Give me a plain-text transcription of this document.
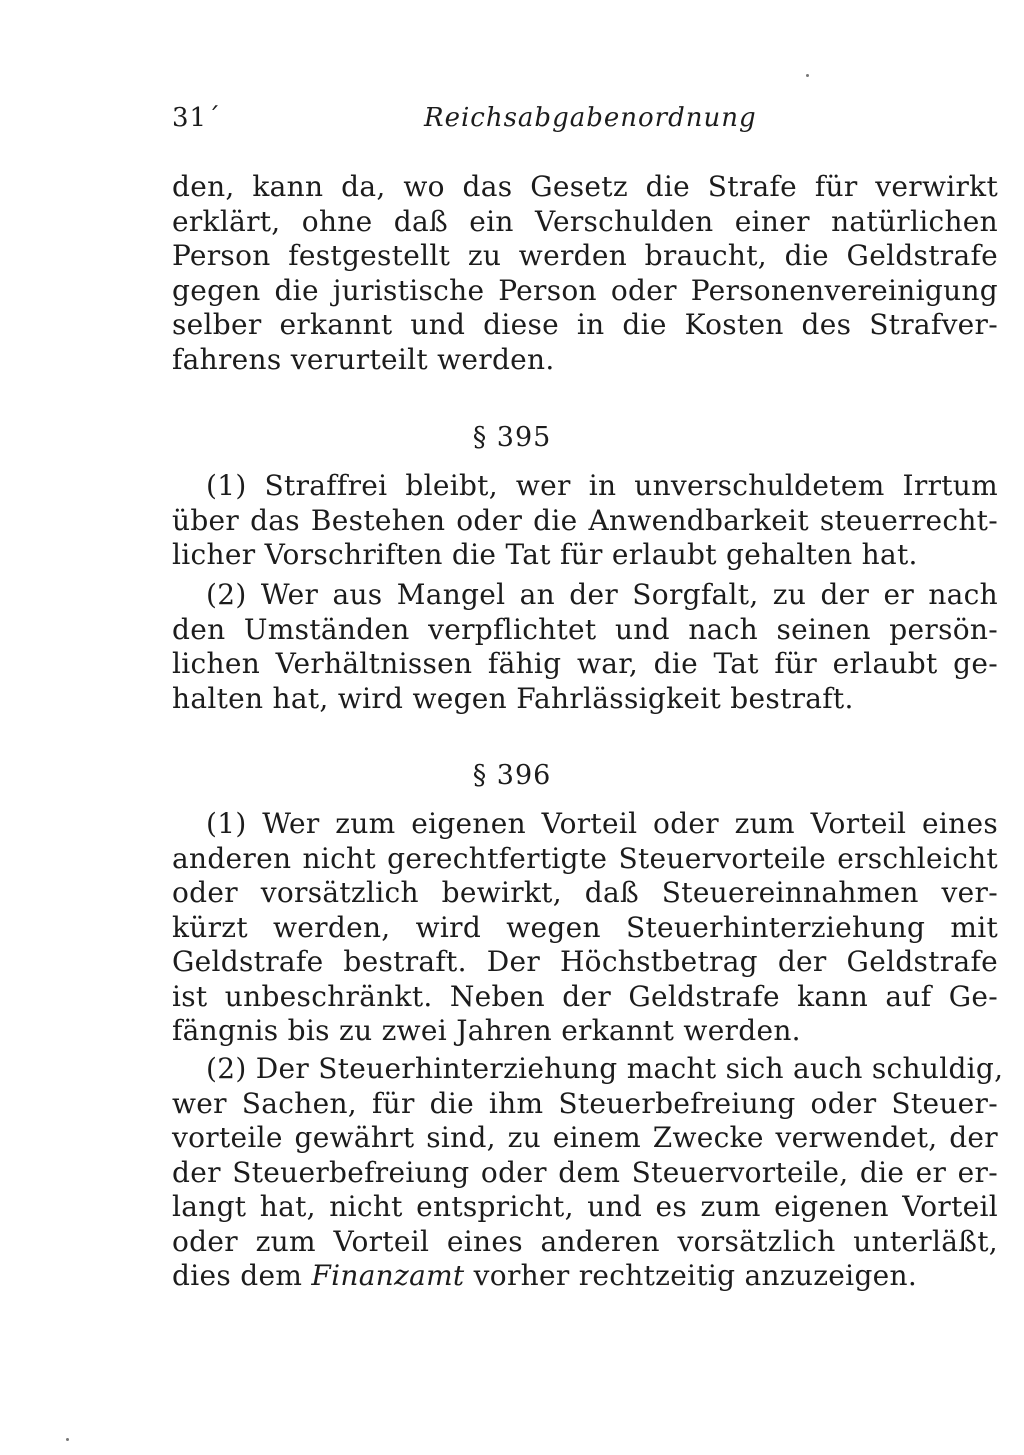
31´	Reichsabgabenordnung
den, kann da, wo das Gesetz die Strafe für verwirkt
erklärt, ohne daß ein Verschulden einer natürlichen
Person festgestellt zu werden braucht, die Geldstrafe
gegen die juristische Person oder Personenvereinigung
selber erkannt und diese in die Kosten des Strafver-
fahrens verurteilt werden.
§ 395
(1) Straffrei bleibt, wer in unverschuldetem Irrtum
über das Bestehen oder die Anwendbarkeit steuerrecht-
licher Vorschriften die Tat für erlaubt gehalten hat.
(2) Wer aus Mangel an der Sorgfalt, zu der er nach
den Umständen verpflichtet und nach seinen persön-
lichen Verhältnissen fähig war, die Tat für erlaubt ge-
halten hat, wird wegen Fahrlässigkeit bestraft.
§ 396
(1) Wer zum eigenen Vorteil oder zum Vorteil eines
anderen nicht gerechtfertigte Steuervorteile erschleicht
oder vorsätzlich bewirkt, daß Steuereinnahmen ver-
kürzt werden, wird wegen Steuerhinterziehung mit
Geldstrafe bestraft. Der Höchstbetrag der Geldstrafe
ist unbeschränkt. Neben der Geldstrafe kann auf Ge-
fängnis bis zu zwei Jahren erkannt werden.
(2) Der Steuerhinterziehung macht sich auch schuldig,
wer Sachen, für die ihm Steuerbefreiung oder Steuer-
vorteile gewährt sind, zu einem Zwecke verwendet, der
der Steuerbefreiung oder dem Steuervorteile, die er er-
langt hat, nicht entspricht, und es zum eigenen Vorteil
oder zum Vorteil eines anderen vorsätzlich unterläßt,
dies dem Finanzamt vorher rechtzeitig anzuzeigen.
